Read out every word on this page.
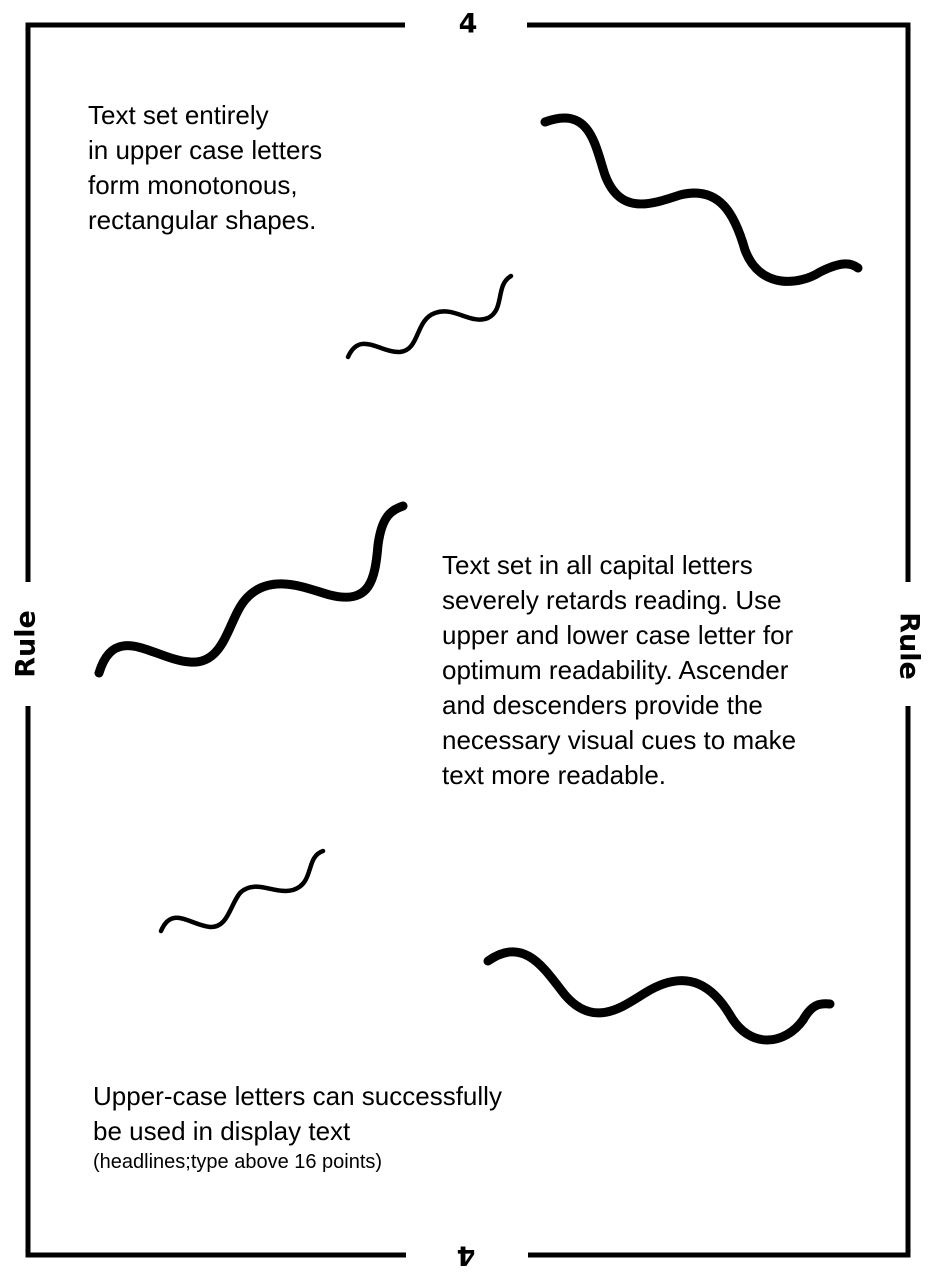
4
4
Rule	Rule
Text set entirely
in upper case letters
form monotonous,
rectangular shapes.
Text set in all capital letters
severely retards reading. Use
upper and lower case letter for
optimum readability. Ascender
and descenders provide the
necessary visual cues to make
text more readable.
Upper-case letters can successfully
be used in display text
(headlines;type above 16 points)
